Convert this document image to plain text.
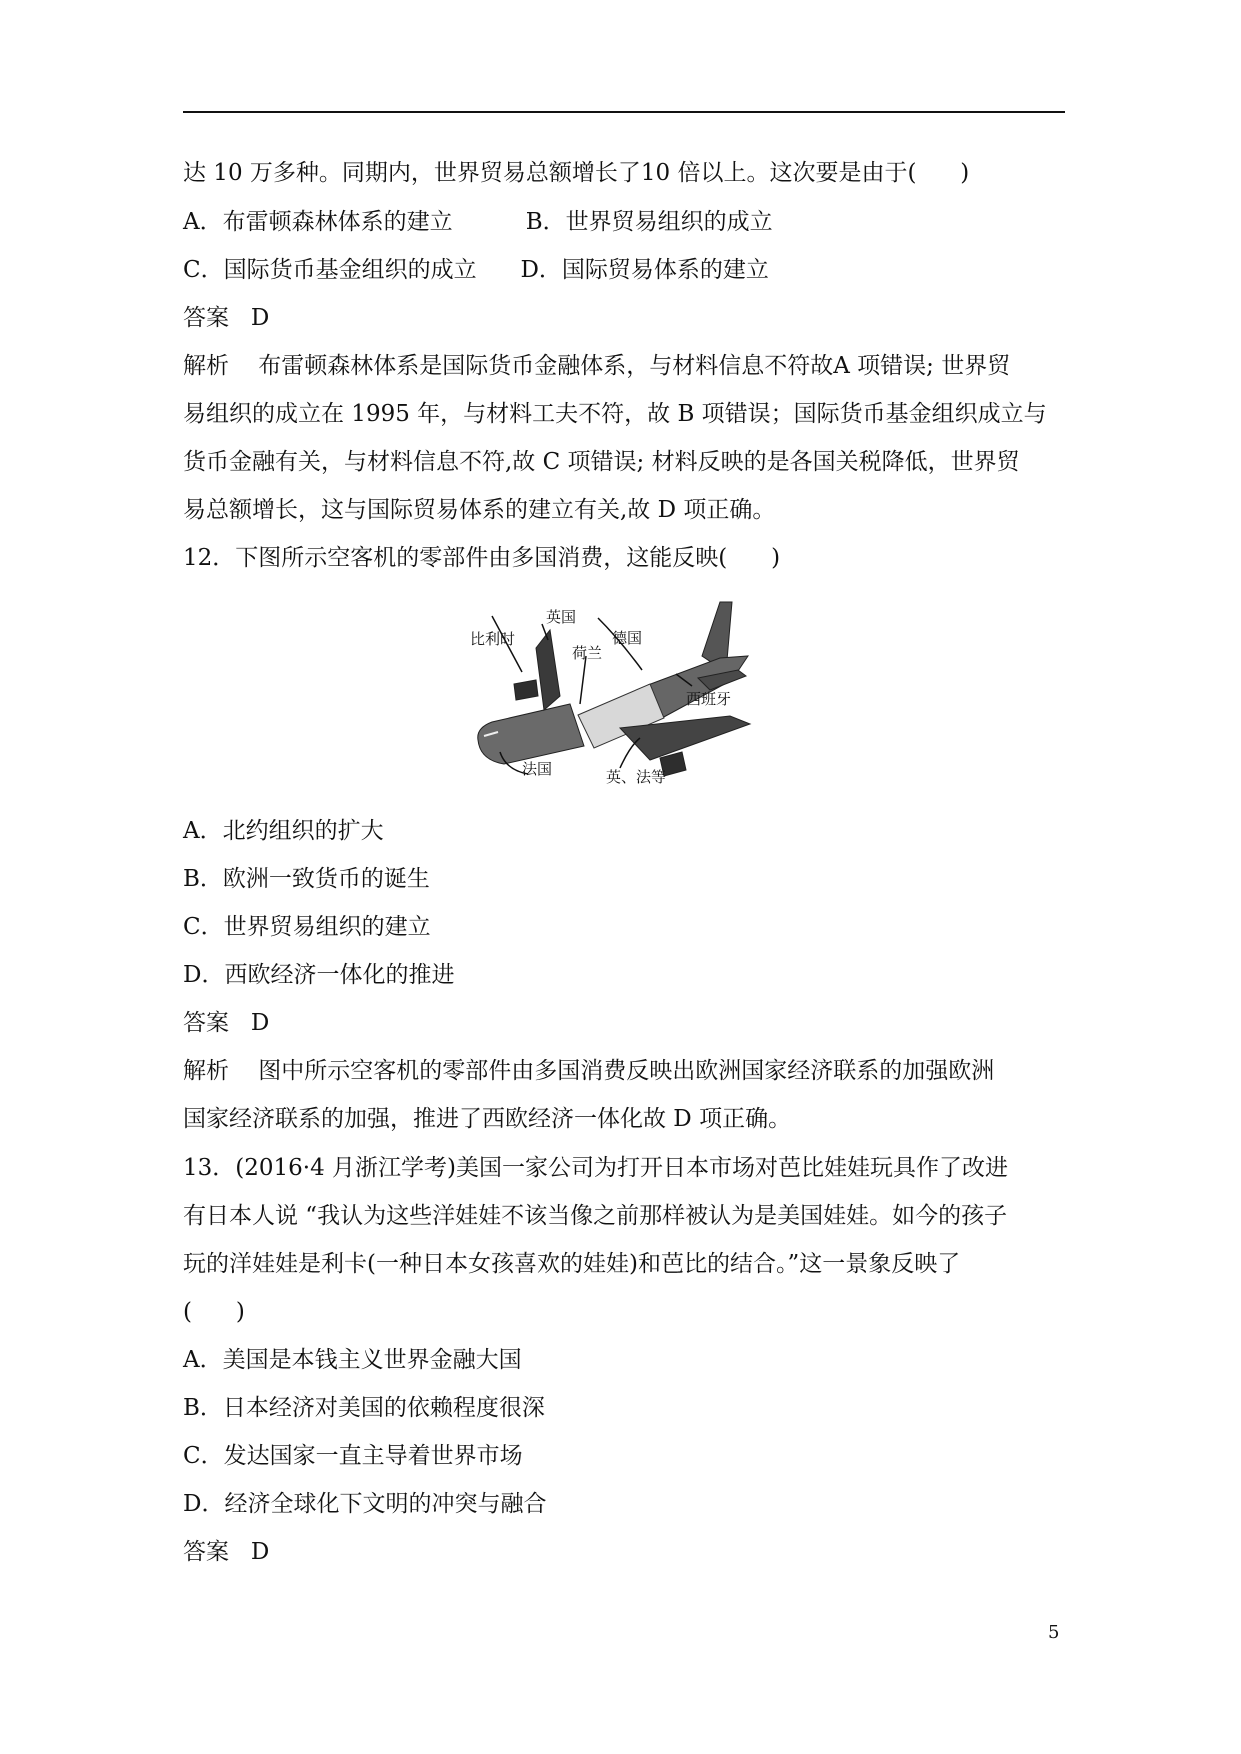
达 10 万多种。同期内，世界贸易总额增长了10 倍以上。这次要是由于(      )
A．布雷顿森林体系的建立          B．世界贸易组织的成立
C．国际货币基金组织的成立      D．国际贸易体系的建立
答案   D
解析    布雷顿森林体系是国际货币金融体系，与材料信息不符故A 项错误; 世界贸
易组织的成立在 1995 年，与材料工夫不符，故 B 项错误；国际货币基金组织成立与
货币金融有关，与材料信息不符,故 C 项错误; 材料反映的是各国关税降低，世界贸
易总额增长，这与国际贸易体系的建立有关,故 D 项正确。
12．下图所示空客机的零部件由多国消费，这能反映(      )
比利时
英国
荷兰
德国
西班牙
法国	英、法等
A．北约组织的扩大
B．欧洲一致货币的诞生
C．世界贸易组织的建立
D．西欧经济一体化的推进
答案   D
解析    图中所示空客机的零部件由多国消费反映出欧洲国家经济联系的加强欧洲
国家经济联系的加强，推进了西欧经济一体化故 D 项正确。
13．(2016·4 月浙江学考)美国一家公司为打开日本市场对芭比娃娃玩具作了改进
有日本人说 “我认为这些洋娃娃不该当像之前那样被认为是美国娃娃。如今的孩子
玩的洋娃娃是利卡(一种日本女孩喜欢的娃娃)和芭比的结合。”这一景象反映了
(      )
A．美国是本钱主义世界金融大国
B．日本经济对美国的依赖程度很深
C．发达国家一直主导着世界市场
D．经济全球化下文明的冲突与融合
答案   D
5
